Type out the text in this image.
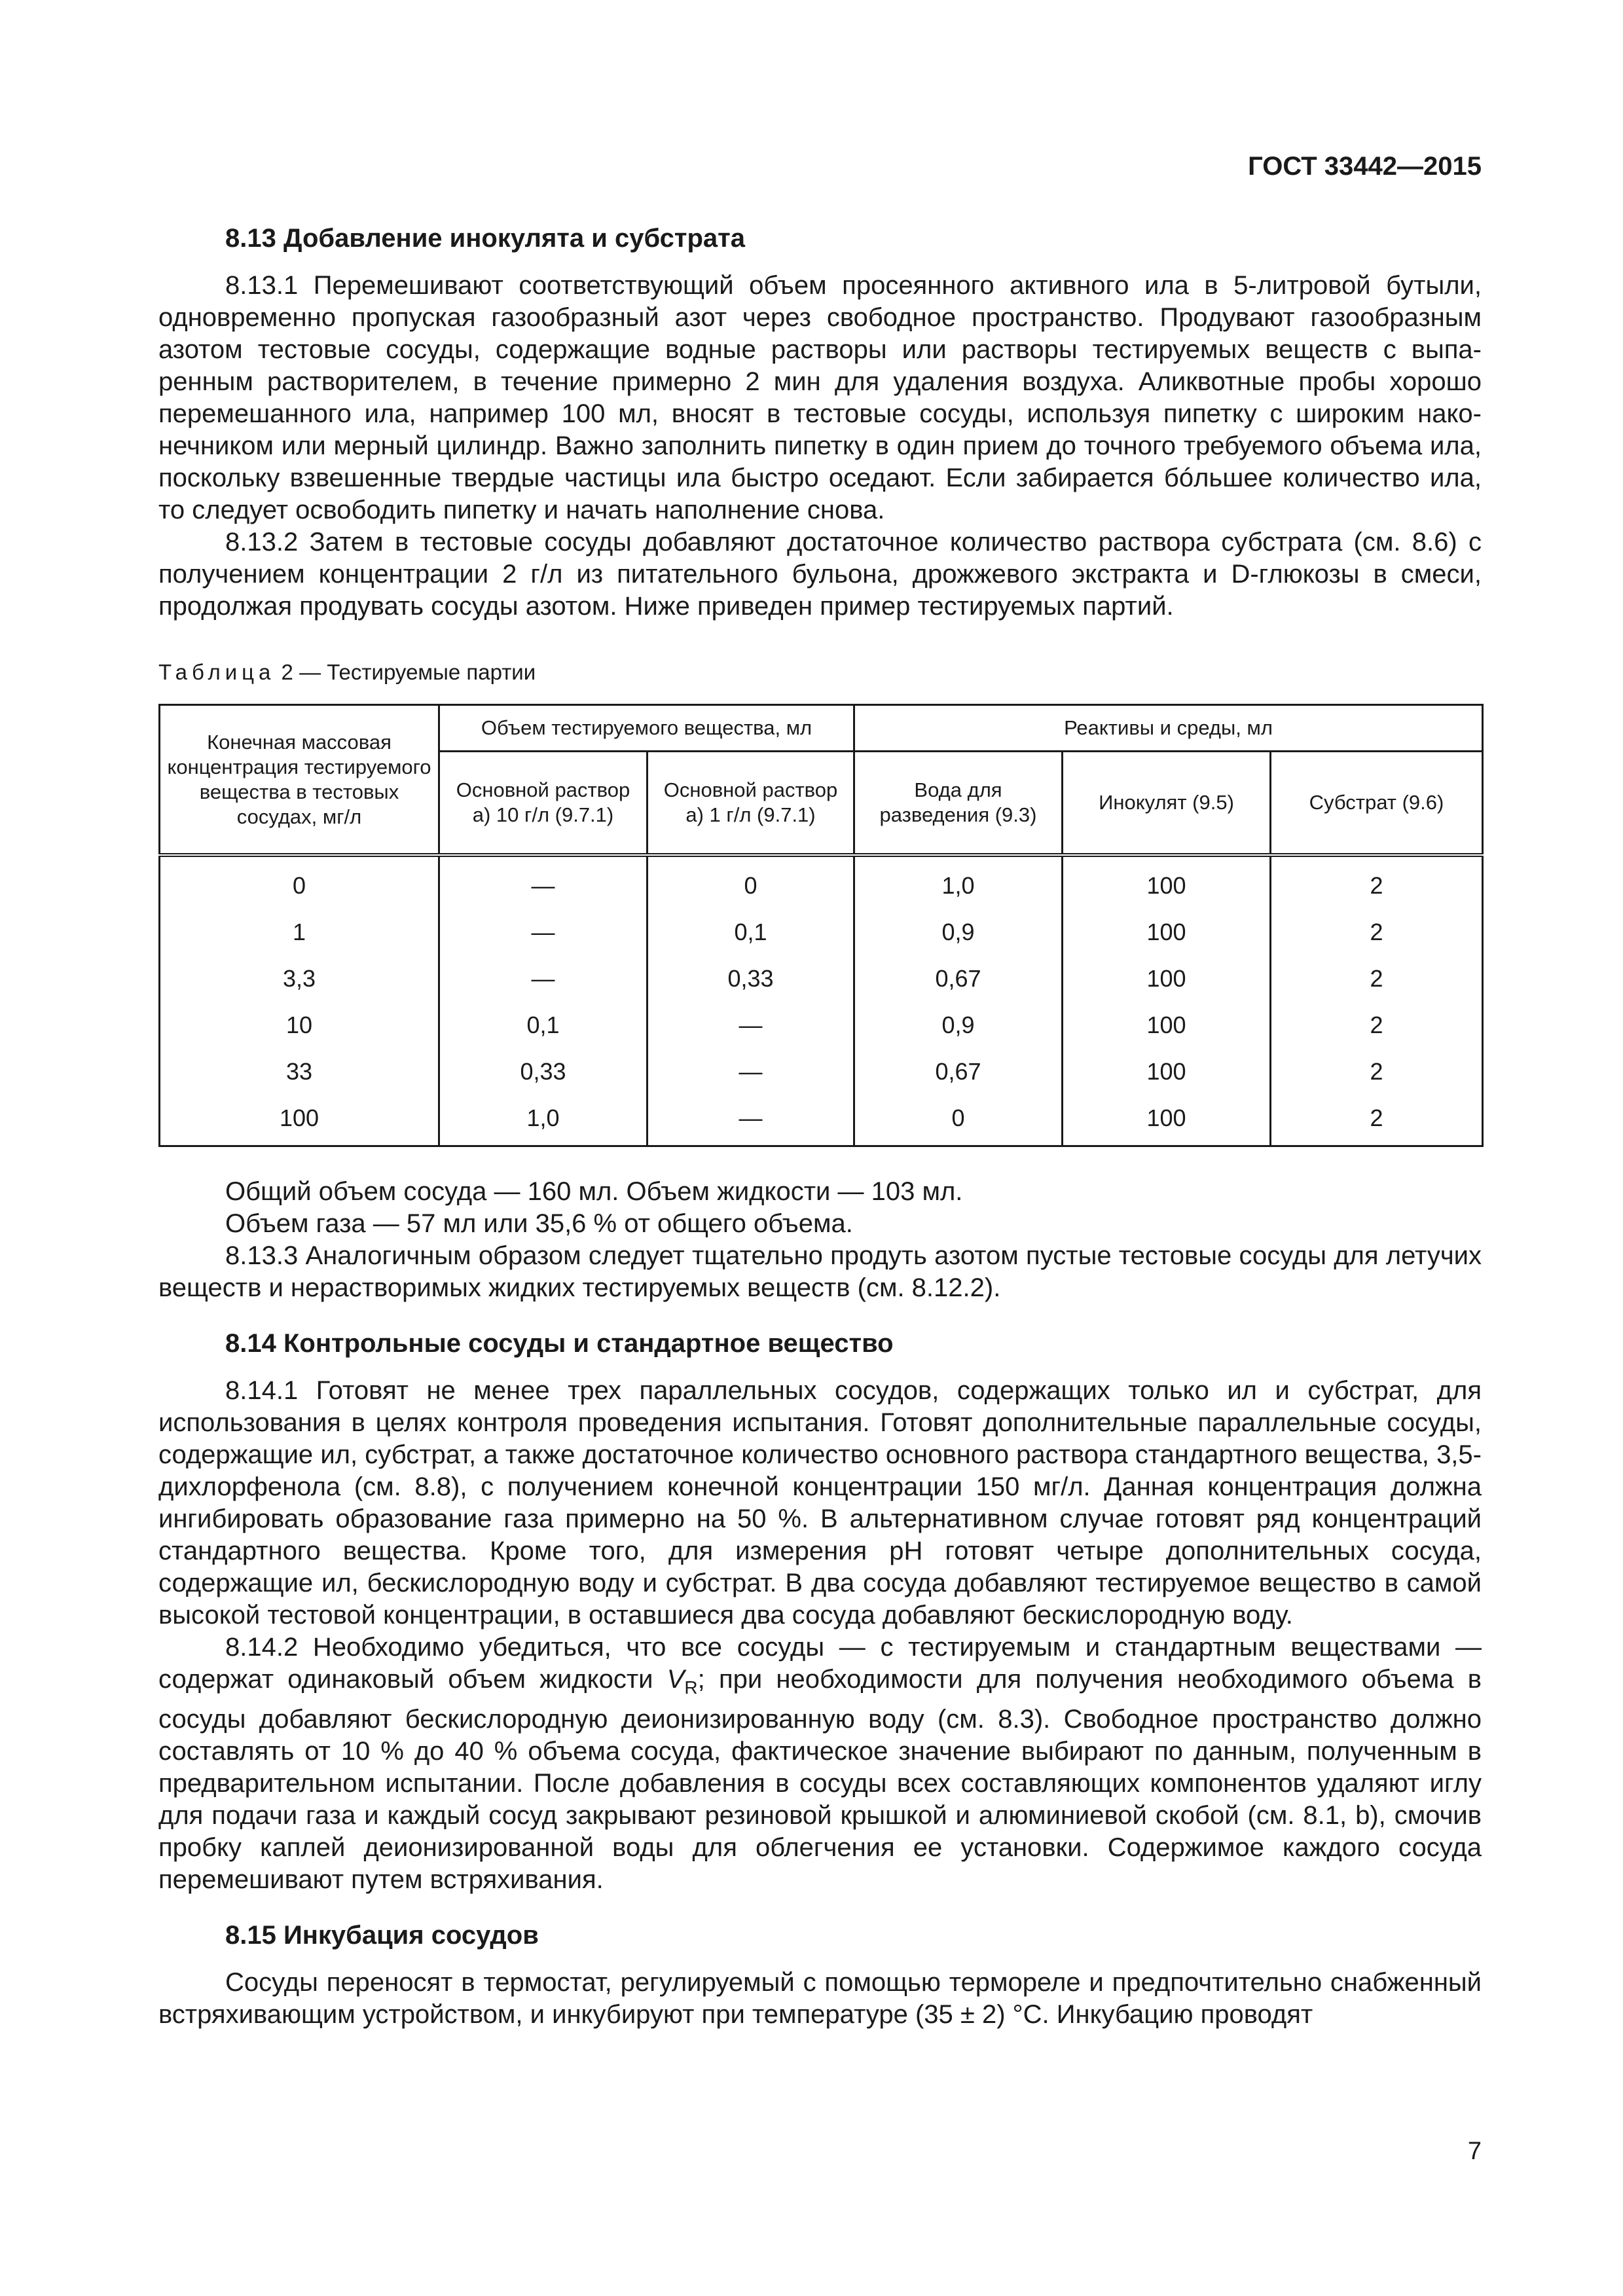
ГОСТ 33442—2015
8.13 Добавление инокулята и субстрата

8.13.1 Перемешивают соответствующий объем просеянного активного ила в 5-литровой бутыли, одновременно пропуская газообразный азот через свободное пространство. Продувают газообразным азотом тестовые сосуды, содержащие водные растворы или растворы тестируемых веществ с выпаренным растворителем, в течение примерно 2 мин для удаления воздуха. Аликвотные пробы хорошо перемешанного ила, например 100 мл, вносят в тестовые сосуды, используя пипетку с широким наконечником или мерный цилиндр. Важно заполнить пипетку в один прием до точного требуемого объема ила, поскольку взвешенные твердые частицы ила быстро оседают. Если забирается бóльшее количество ила, то следует освободить пипетку и начать наполнение снова.

8.13.2 Затем в тестовые сосуды добавляют достаточное количество раствора субстрата (см. 8.6) с получением концентрации 2 г/л из питательного бульона, дрожжевого экстракта и D-глюкозы в смеси, продолжая продувать сосуды азотом. Ниже приведен пример тестируемых партий.

Таблица 2 — Тестируемые партии
Конечная массовая концентрация тестируемого вещества в тестовых сосудах, мг/л	Объем тестируемого вещества, мл		Реактивы и среды, мл		
	Основной раствор а) 10 г/л (9.7.1)	Основной раствор а) 1 г/л (9.7.1)	Вода для разведения (9.3)	Инокулят (9.5)	Субстрат (9.6)
0	—	0	1,0	100	2
1	—	0,1	0,9	100	2
3,3	—	0,33	0,67	100	2
10	0,1	—	0,9	100	2
33	0,33	—	0,67	100	2
100	1,0	—	0	100	2

Общий объем сосуда — 160 мл. Объем жидкости — 103 мл.

Объем газа — 57 мл или 35,6 % от общего объема.

8.13.3 Аналогичным образом следует тщательно продуть азотом пустые тестовые сосуды для летучих веществ и нерастворимых жидких тестируемых веществ (см. 8.12.2).

8.14 Контрольные сосуды и стандартное вещество

8.14.1 Готовят не менее трех параллельных сосудов, содержащих только ил и субстрат, для использования в целях контроля проведения испытания. Готовят дополнительные параллельные сосуды, содержащие ил, субстрат, а также достаточное количество основного раствора стандартного вещества, 3,5-дихлорфенола (см. 8.8), с получением конечной концентрации 150 мг/л. Данная концентрация должна ингибировать образование газа примерно на 50 %. В альтернативном случае готовят ряд концентраций стандартного вещества. Кроме того, для измерения pH готовят четыре дополнительных сосуда, содержащие ил, бескислородную воду и субстрат. В два сосуда добавляют тестируемое вещество в самой высокой тестовой концентрации, в оставшиеся два сосуда добавляют бескислородную воду.

8.14.2 Необходимо убедиться, что все сосуды — с тестируемым и стандартным веществами — содержат одинаковый объем жидкости $V_R$; при необходимости для получения необходимого объема в сосуды добавляют бескислородную деионизированную воду (см. 8.3). Свободное пространство должно составлять от 10 % до 40 % объема сосуда, фактическое значение выбирают по данным, полученным в предварительном испытании. После добавления в сосуды всех составляющих компонентов удаляют иглу для подачи газа и каждый сосуд закрывают резиновой крышкой и алюминиевой скобой (см. 8.1, b), смочив пробку каплей деионизированной воды для облегчения ее установки. Содержимое каждого сосуда перемешивают путем встряхивания.

8.15 Инкубация сосудов

Сосуды переносят в термостат, регулируемый с помощью термореле и предпочтительно снабженный встряхивающим устройством, и инкубируют при температуре (35 ± 2) °С. Инкубацию проводят

7
